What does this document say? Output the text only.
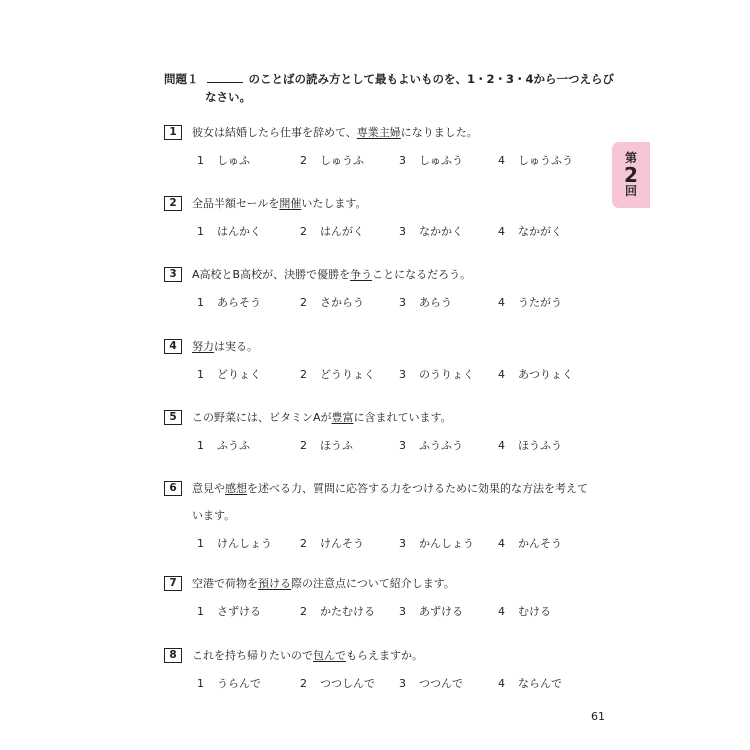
問題１	のことばの読み方として最もよいものを、1・2・3・4から一つえらび
なさい。
第
2
回
1	彼女は結婚したら仕事を辞めて、専業主婦になりました。
1 しゅふ	2 しゅうふ	3 しゅふう	4 しゅうふう
2	全品半額セールを開催いたします。
1 はんかく	2 はんがく	3 なかかく	4 なかがく
3	A高校とB高校が、決勝で優勝を争うことになるだろう。
1 あらそう	2 さからう	3 あらう	4 うたがう
4	努力は実る。
1 どりょく	2 どうりょく 3 のうりょく 4 あつりょく
5	この野菜には、ビタミンAが豊富に含まれています。
1 ふうふ	2 ほうふ	3 ふうふう	4 ほうふう
6	意見や感想を述べる力、質問に応答する力をつけるために効果的な方法を考えて
います。
1 けんしょう	2 けんそう	3 かんしょう 4 かんそう
7	空港で荷物を預ける際の注意点について紹介します。
1 さずける	2 かたむける 3 あずける	4 むける
8	これを持ち帰りたいので包んでもらえますか。
1 うらんで	2 つつしんで 3 つつんで	4 ならんで
61
